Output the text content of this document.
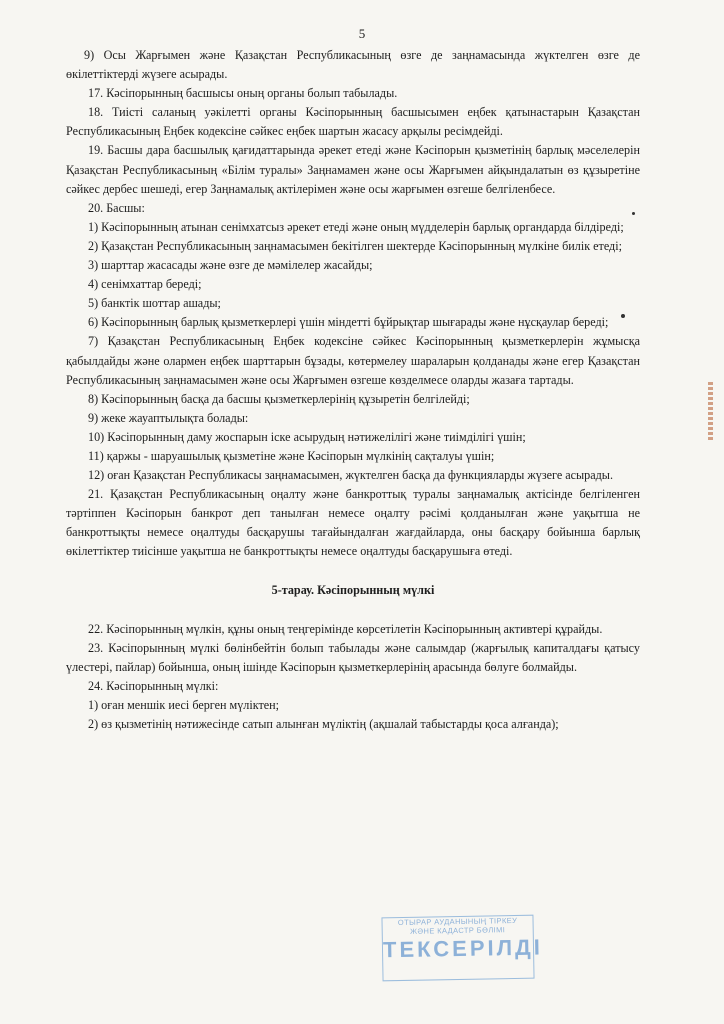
5

9) Осы Жарғымен және Қазақстан Республикасының өзге де заңнамасында жүктелген өзге де өкілеттіктерді жүзеге асырады.

17. Кәсіпорынның басшысы оның органы болып табылады.

18. Тиісті саланың уәкілетті органы Кәсіпорынның басшысымен еңбек қатынастарын Қазақстан Республикасының Еңбек кодексіне сәйкес еңбек шартын жасасу арқылы ресімдейді.

19. Басшы дара басшылық қағидаттарында әрекет етеді және Кәсіпорын қызметінің барлық мәселелерін Қазақстан Республикасының «Білім туралы» Заңнамамен және осы Жарғымен айқындалатын өз құзыретіне сәйкес дербес шешеді, егер Заңнамалық актілерімен және осы жарғымен өзгеше белгіленбесе.

20. Басшы:

1) Кәсіпорынның атынан сенімхатсыз әрекет етеді және оның мүдделерін барлық органдарда білдіреді;

2) Қазақстан Республикасының заңнамасымен бекітілген шектерде Кәсіпорынның мүлкіне билік етеді;

3) шарттар жасасады және өзге де мәмілелер жасайды;

4) сенімхаттар береді;

5) банктік шоттар ашады;

6) Кәсіпорынның барлық қызметкерлері үшін міндетті бұйрықтар шығарады және нұсқаулар береді;

7) Қазақстан Республикасының Еңбек кодексіне сәйкес Кәсіпорынның қызметкерлерін жұмысқа қабылдайды және олармен еңбек шарттарын бұзады, көтермелеу шараларын қолданады және егер Қазақстан Республикасының заңнамасымен және осы Жарғымен өзгеше көзделмесе оларды жазаға тартады.

8) Кәсіпорынның басқа да басшы қызметкерлерінің құзыретін белгілейді;

9) жеке жауаптылықта болады:

10) Кәсіпорынның даму жоспарын іске асырудың нәтижелілігі және тиімділігі үшін;

11) қаржы - шаруашылық қызметіне және Кәсіпорын мүлкінің сақталуы үшін;

12) оған Қазақстан Республикасы заңнамасымен, жүктелген басқа да функцияларды жүзеге асырады.

21. Қазақстан Республикасының оңалту және банкроттық туралы заңнамалық актісінде белгіленген тәртіппен Кәсіпорын банкрот деп танылған немесе оңалту рәсімі қолданылған және уақытша не банкроттықты немесе оңалтуды басқарушы тағайындалған жағдайларда, оны басқару бойынша барлық өкілеттіктер тиісінше уақытша не банкроттықты немесе оңалтуды басқарушыға өтеді.

5-тарау. Кәсіпорынның мүлкі

22. Кәсіпорынның мүлкін, құны оның теңгерімінде көрсетілетін Кәсіпорынның активтері құрайды.

23. Кәсіпорынның мүлкі бөлінбейтін болып табылады және салымдар (жарғылық капиталдағы қатысу үлестері, пайлар) бойынша, оның ішінде Кәсіпорын қызметкерлерінің арасында бөлуге болмайды.

24. Кәсіпорынның мүлкі:

1) оған меншік иесі берген мүліктен;

2) өз қызметінің нәтижесінде сатып алынған мүліктің (ақшалай табыстарды қоса алғанда);

ОТЫРАР АУДАНЫНЫҢ ТІРКЕУ
ЖӘНЕ КАДАСТР БӨЛІМІ
ТЕКСЕРІЛДІ
